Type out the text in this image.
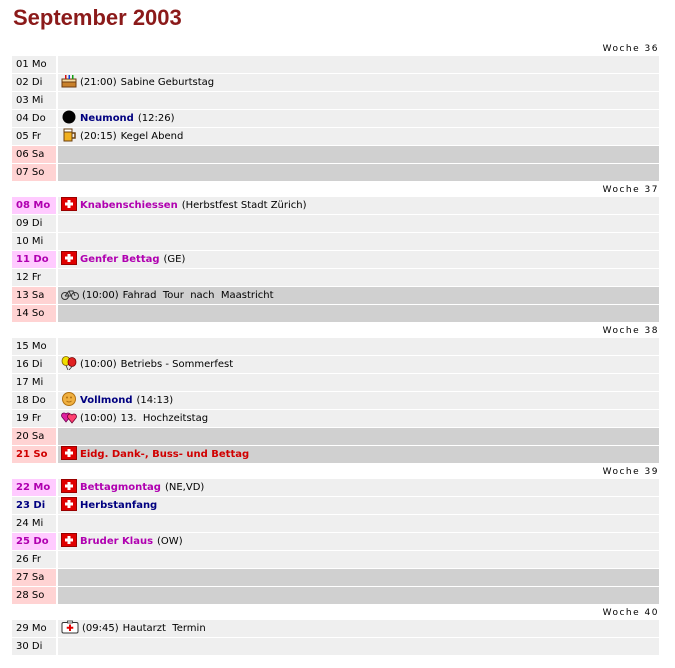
September 2003
Woche 36
01 Mo
02 Di	(21:00) Sabine Geburtstag
03 Mi
04 Do	Neumond (12:26)
05 Fr	(20:15) Kegel Abend
06 Sa
07 So
Woche 37
08 Mo	Knabenschiessen (Herbstfest Stadt Zürich)
09 Di
10 Mi
11 Do	Genfer Bettag (GE)
12 Fr
13 Sa	(10:00) Fahrad  Tour  nach  Maastricht
14 So
Woche 38
15 Mo
16 Di	(10:00) Betriebs - Sommerfest
17 Mi
18 Do	Vollmond (14:13)
19 Fr	(10:00) 13.  Hochzeitstag
20 Sa
21 So	Eidg. Dank-, Buss- und Bettag
Woche 39
22 Mo	Bettagmontag (NE,VD)
23 Di	Herbstanfang
24 Mi
25 Do	Bruder Klaus (OW)
26 Fr
27 Sa
28 So
Woche 40
29 Mo	(09:45) Hautarzt  Termin
30 Di
